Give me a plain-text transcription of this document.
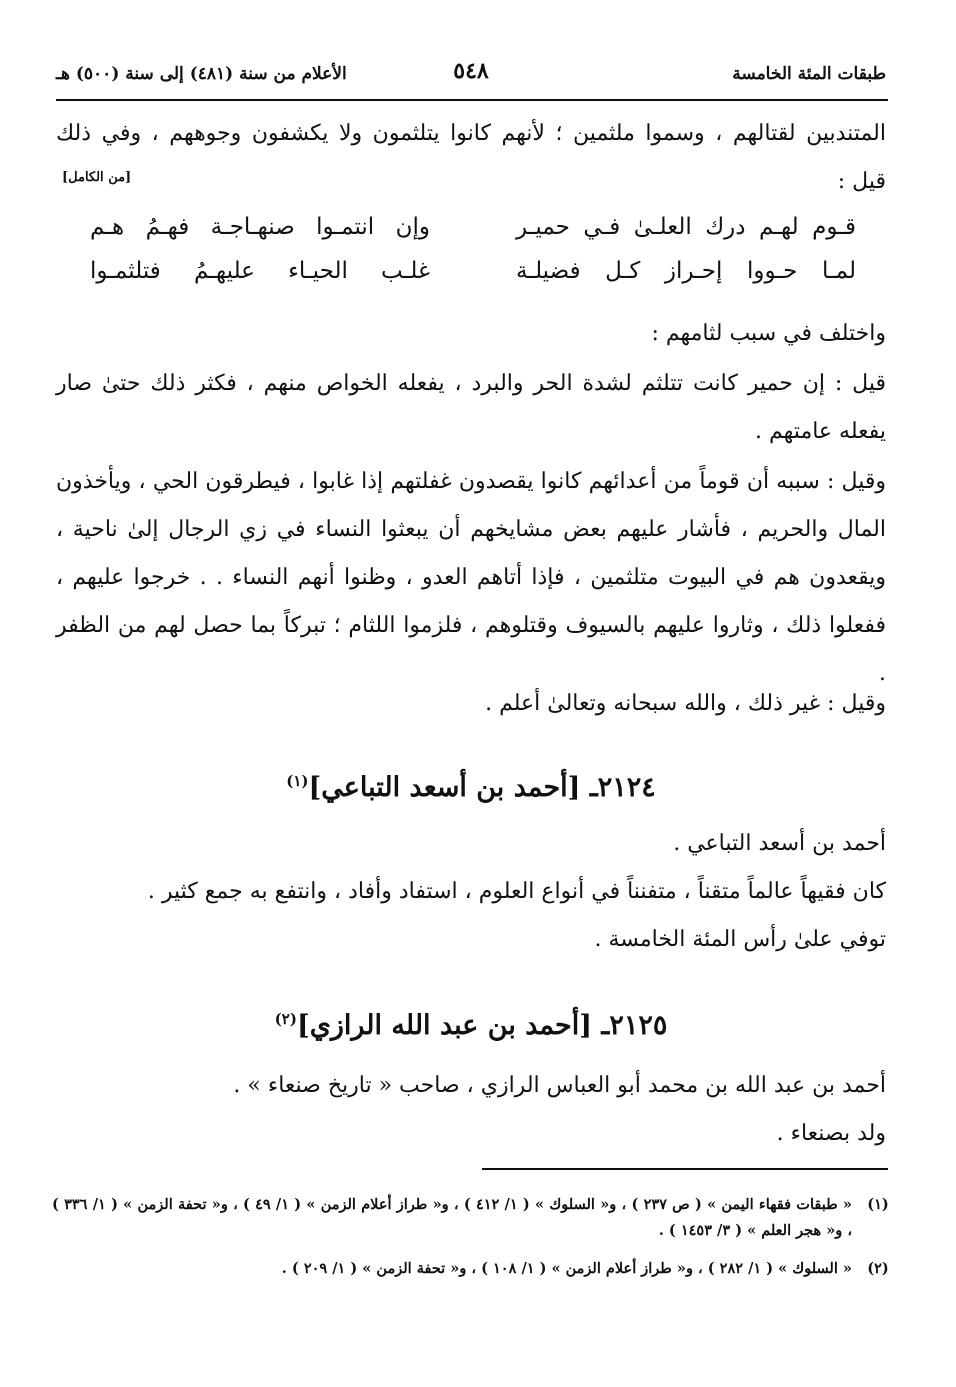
طبقات المئة الخامسة
٥٤٨
الأعلام من سنة (٤٨١) إلى سنة (٥٠٠) هـ
المتندبين لقتالهم ، وسموا ملثمين ؛ لأنهم كانوا يتلثمون ولا يكشفون وجوههم ، وفي ذلك
قيل :
[من الكامل]
قـوم لهـم درك العلـىٰ فـي حميـر
وإن انتمـوا صنهـاجـة فهـمُ هـم
لمـا حـووا إحـراز كـل فضيلـة
غلـب الحيـاء عليهـمُ فتلثمـوا
واختلف في سبب لثامهم :
قيل : إن حمير كانت تتلثم لشدة الحر والبرد ، يفعله الخواص منهم ، فكثر ذلك حتىٰ صار يفعله عامتهم .
وقيل : سببه أن قوماً من أعدائهم كانوا يقصدون غفلتهم إذا غابوا ، فيطرقون الحي ، ويأخذون المال والحريم ، فأشار عليهم بعض مشايخهم أن يبعثوا النساء في زي الرجال إلىٰ ناحية ، ويقعدون هم في البيوت متلثمين ، فإذا أتاهم العدو ، وظنوا أنهم النساء . . خرجوا عليهم ، ففعلوا ذلك ، وثاروا عليهم بالسيوف وقتلوهم ، فلزموا اللثام ؛ تبركاً بما حصل لهم من الظفر .
وقيل : غير ذلك ، والله سبحانه وتعالىٰ أعلم .
٢١٢٤ـ [أحمد بن أسعد التباعي]$^{(١)}$
أحمد بن أسعد التباعي .
كان فقيهاً عالماً متقناً ، متفنناً في أنواع العلوم ، استفاد وأفاد ، وانتفع به جمع كثير .
توفي علىٰ رأس المئة الخامسة .
٢١٢٥ـ [أحمد بن عبد الله الرازي]$^{(٢)}$
أحمد بن عبد الله بن محمد أبو العباس الرازي ، صاحب « تاريخ صنعاء » .
ولد بصنعاء .
(١)
« طبقات فقهاء اليمن » ( ص ٢٣٧ ) ، و« السلوك » ( ١/ ٤١٢ ) ، و« طراز أعلام الزمن » ( ١/ ٤٩ ) ، و« تحفة الزمن » ( ١/ ٣٣٦ ) ، و« هجر العلم » ( ٣/ ١٤٥٣ ) .
(٢)
« السلوك » ( ١/ ٢٨٢ ) ، و« طراز أعلام الزمن » ( ١/ ١٠٨ ) ، و« تحفة الزمن » ( ١/ ٢٠٩ ) .
